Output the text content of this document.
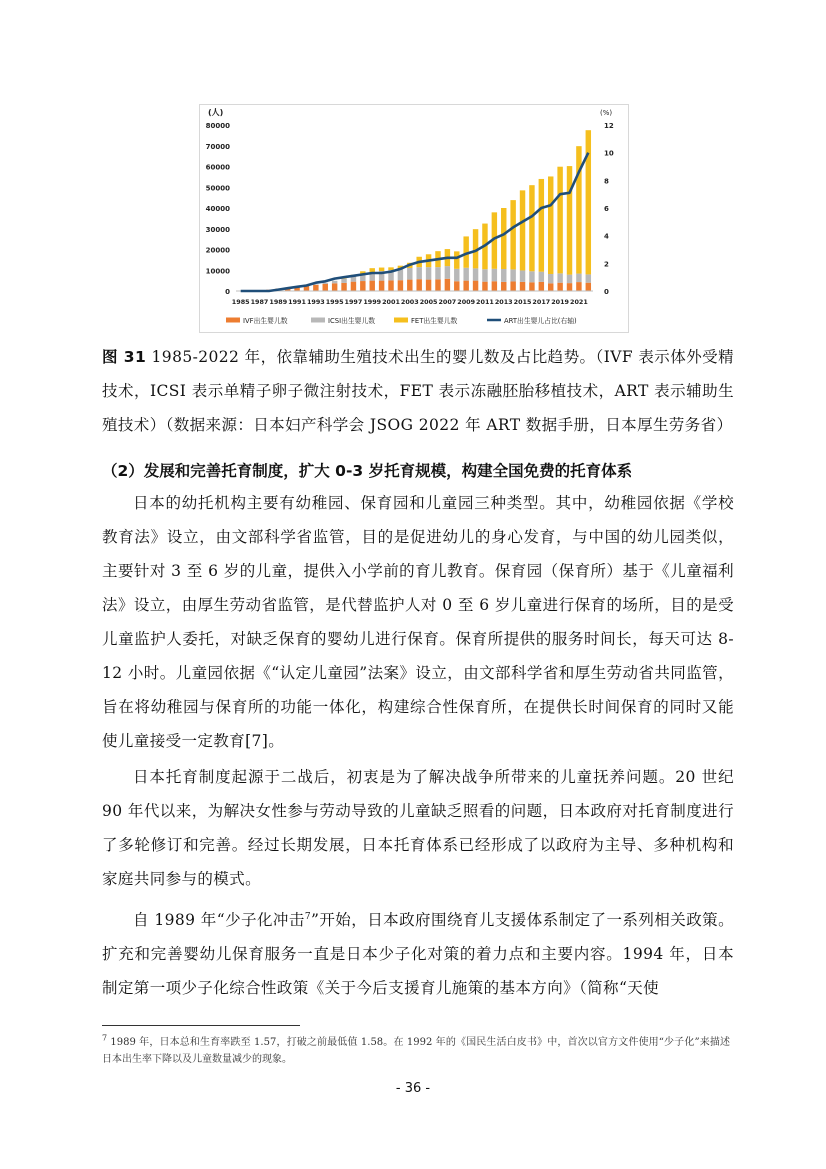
(人)	(%)
0
10000
20000
30000
40000
50000
60000
70000
80000
0
2
4
6
8
10
12
1985 1987 1989 1991 1993 1995 1997 1999 2001 2003 2005 2007 2009 2011 2013 2015 2017 2019 2021
IVF出生婴儿数	ICSI出生婴儿数	FET出生婴儿数	ART出生婴儿占比(右轴)
图 31 1985-2022 年，依靠辅助生殖技术出生的婴儿数及占比趋势。（IVF 表示体外受精技术，ICSI 表示单精子卵子微注射技术，FET 表示冻融胚胎移植技术，ART 表示辅助生殖技术）（数据来源：日本妇产科学会 JSOG 2022 年 ART 数据手册，日本厚生劳务省）
（2）发展和完善托育制度，扩大 0-3 岁托育规模，构建全国免费的托育体系
日本的幼托机构主要有幼稚园、保育园和儿童园三种类型。其中，幼稚园依据《学校教育法》设立，由文部科学省监管，目的是促进幼儿的身心发育，与中国的幼儿园类似，主要针对 3 至 6 岁的儿童，提供入小学前的育儿教育。保育园（保育所）基于《儿童福利法》设立，由厚生劳动省监管，是代替监护人对 0 至 6 岁儿童进行保育的场所，目的是受儿童监护人委托，对缺乏保育的婴幼儿进行保育。保育所提供的服务时间长，每天可达 8-12 小时。儿童园依据《“认定儿童园”法案》设立，由文部科学省和厚生劳动省共同监管，旨在将幼稚园与保育所的功能一体化，构建综合性保育所，在提供长时间保育的同时又能使儿童接受一定教育[7]。
日本托育制度起源于二战后，初衷是为了解决战争所带来的儿童抚养问题。20 世纪 90 年代以来，为解决女性参与劳动导致的儿童缺乏照看的问题，日本政府对托育制度进行了多轮修订和完善。经过长期发展，日本托育体系已经形成了以政府为主导、多种机构和家庭共同参与的模式。
自 1989 年“少子化冲击$^7$”开始，日本政府围绕育儿支援体系制定了一系列相关政策。扩充和完善婴幼儿保育服务一直是日本少子化对策的着力点和主要内容。1994 年，日本制定第一项少子化综合性政策《关于今后支援育儿施策的基本方向》（简称“天使
$^7$ 1989 年，日本总和生育率跌至 1.57，打破之前最低值 1.58。在 1992 年的《国民生活白皮书》中，首次以官方文件使用“少子化”来描述日本出生率下降以及儿童数量减少的现象。
- 36 -
